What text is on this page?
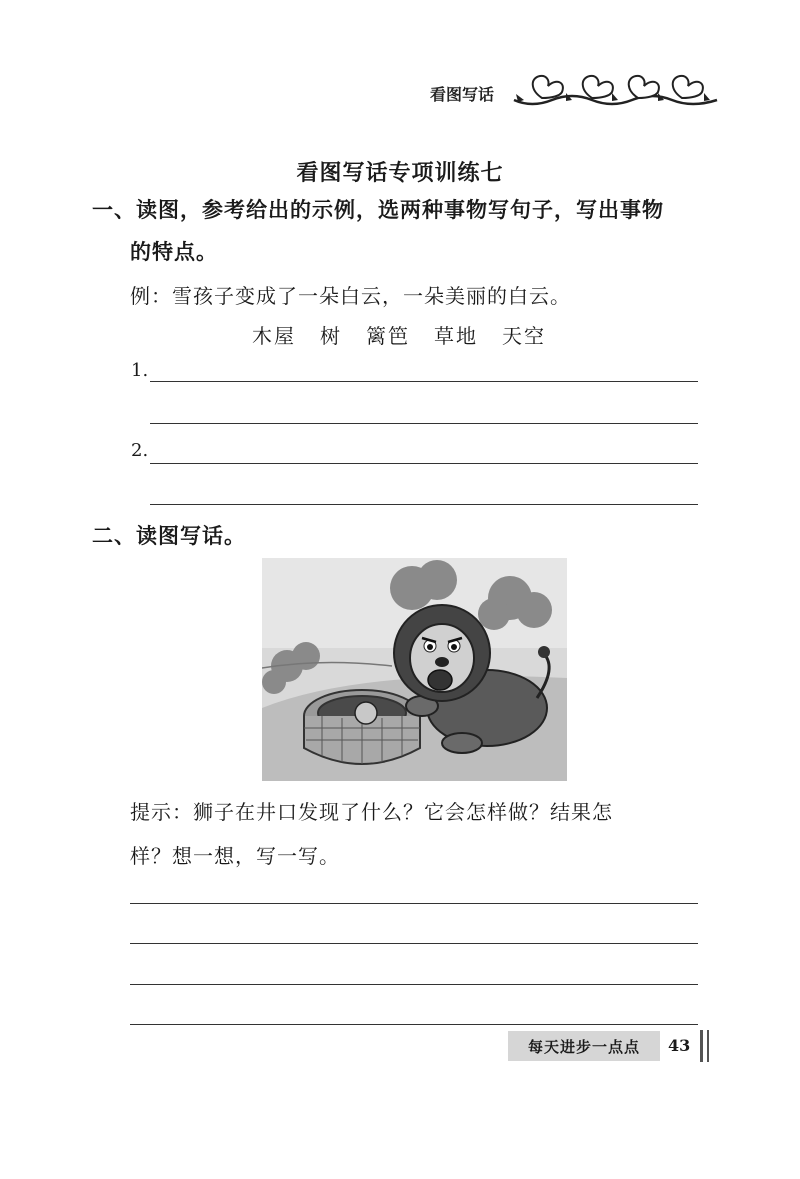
看图写话
看图写话专项训练七
一、读图，参考给出的示例，选两种事物写句子，写出事物
的特点。
例：雪孩子变成了一朵白云，一朵美丽的白云。
木屋 树 篱笆 草地 天空
1.
2.
二、读图写话。
提示：狮子在井口发现了什么？它会怎样做？结果怎
样？想一想，写一写。
每天进步一点点	43
